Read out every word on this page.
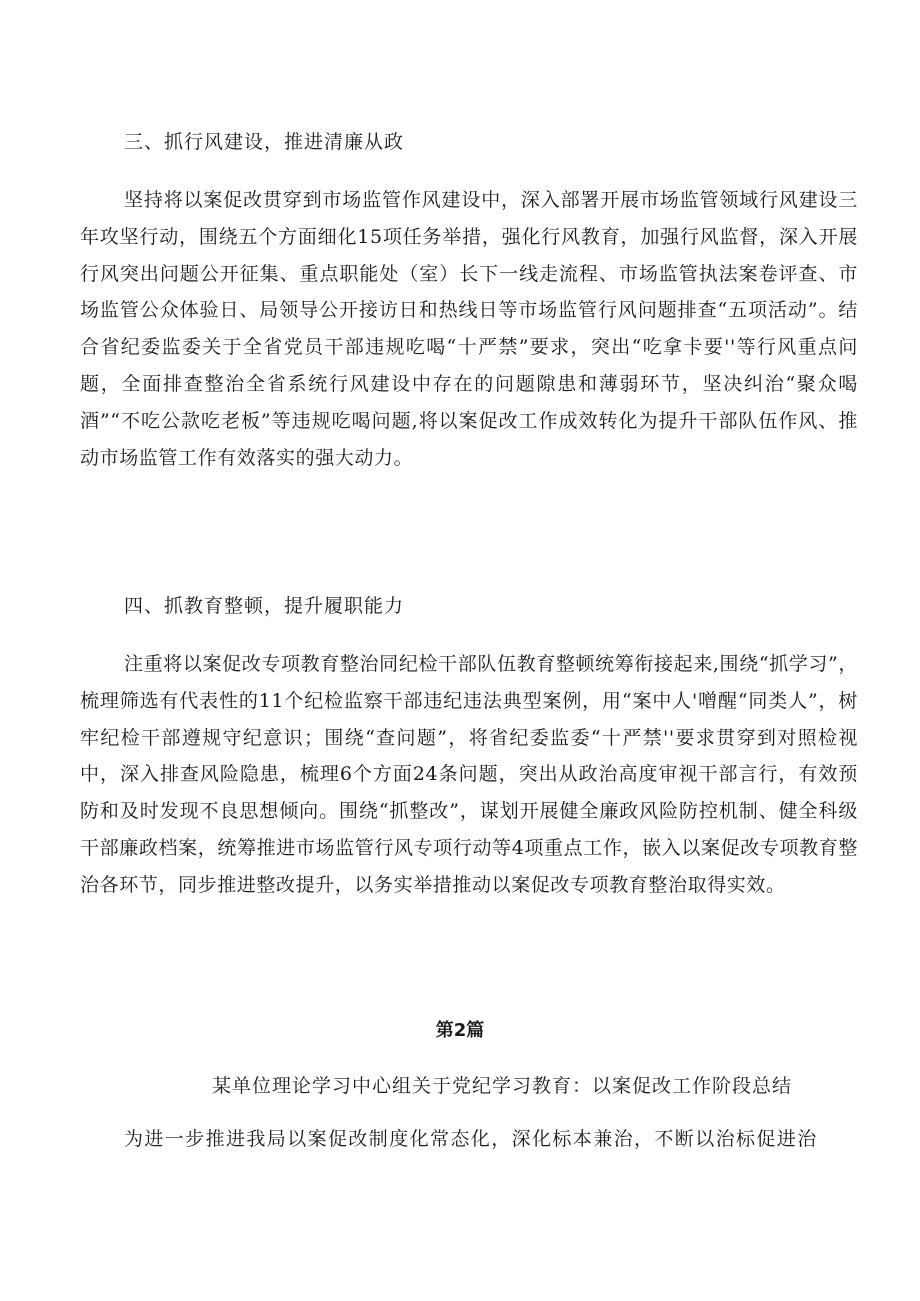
三、抓行风建设，推进清廉从政
坚持将以案促改贯穿到市场监管作风建设中，深入部署开展市场监管领域行风建设三年攻坚行动，围绕五个方面细化15项任务举措，强化行风教育，加强行风监督，深入开展行风突出问题公开征集、重点职能处（室）长下一线走流程、市场监管执法案卷评查、市场监管公众体验日、局领导公开接访日和热线日等市场监管行风问题排查“五项活动”。结合省纪委监委关于全省党员干部违规吃喝“十严禁”要求，突出“吃拿卡要''等行风重点问题，全面排查整治全省系统行风建设中存在的问题隙患和薄弱环节，坚决纠治“聚众喝酒”“不吃公款吃老板”等违规吃喝问题,将以案促改工作成效转化为提升干部队伍作风、推动市场监管工作有效落实的强大动力。
四、抓教育整顿，提升履职能力
注重将以案促改专项教育整治同纪检干部队伍教育整顿统筹衔接起来,围绕“抓学习”，梳理筛选有代表性的11个纪检监察干部违纪违法典型案例，用“案中人'噌醒“同类人”，树牢纪检干部遵规守纪意识；围绕“查问题”，将省纪委监委“十严禁''要求贯穿到对照检视中，深入排查风险隐患，梳理6个方面24条问题，突出从政治高度审视干部言行，有效预防和及时发现不良思想倾向。围绕“抓整改”，谋划开展健全廉政风险防控机制、健全科级干部廉政档案，统筹推进市场监管行风专项行动等4项重点工作，嵌入以案促改专项教育整治各环节，同步推进整改提升，以务实举措推动以案促改专项教育整治取得实效。
第2篇
某单位理论学习中心组关于党纪学习教育：以案促改工作阶段总结
为进一步推进我局以案促改制度化常态化，深化标本兼治，不断以治标促进治
